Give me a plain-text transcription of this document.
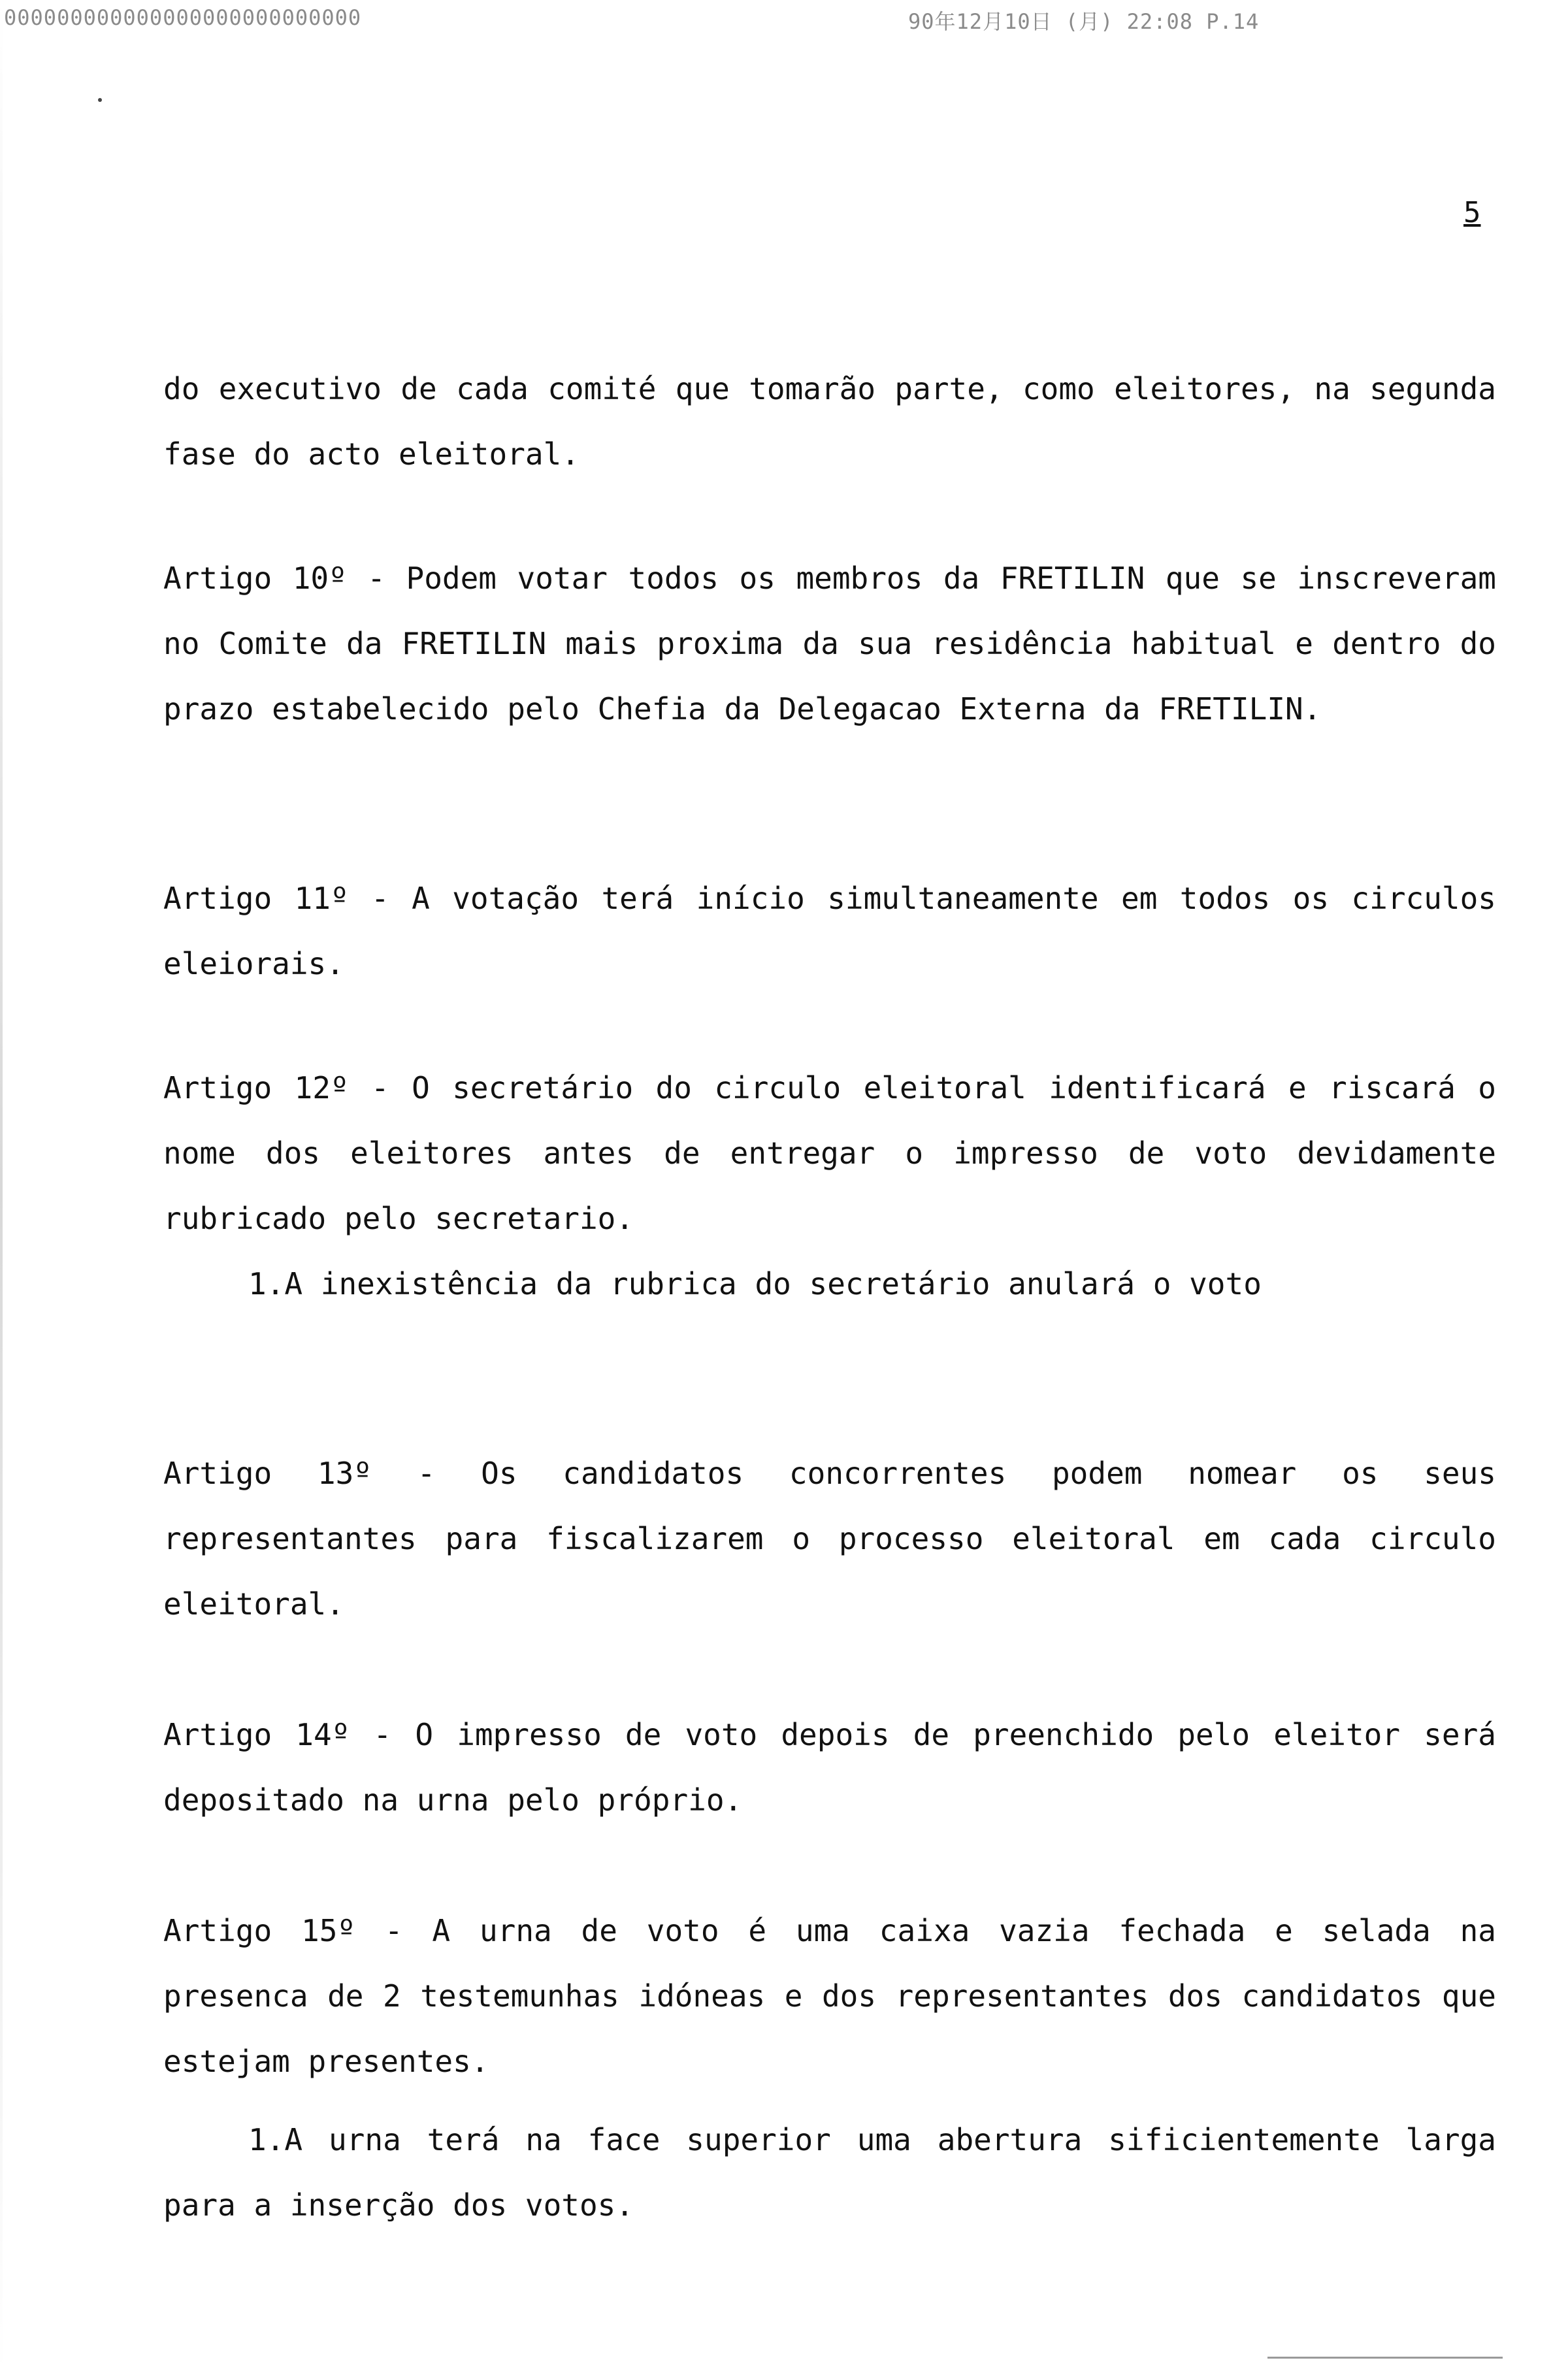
000000000000000000000000000	90年12月10日 (月) 22:08 P.14
5

do executivo de cada comité que tomarão parte, como eleitores, na segunda fase do acto eleitoral.

Artigo 10º - Podem votar todos os membros da FRETILIN que se inscreveram no Comite da FRETILIN mais proxima da sua residência habitual e dentro do prazo estabelecido pelo Chefia da Delegacao Externa da FRETILIN.

Artigo 11º - A votação terá início simultaneamente em todos os circulos eleiorais.

Artigo 12º - O secretário do circulo eleitoral identificará e riscará o nome dos eleitores antes de entregar o impresso de voto devidamente rubricado pelo secretario.

1.A inexistência da rubrica do secretário anulará o voto

Artigo 13º - Os candidatos concorrentes podem nomear os seus representantes para fiscalizarem o processo eleitoral em cada circulo eleitoral.

Artigo 14º - O impresso de voto depois de preenchido pelo eleitor será depositado na urna pelo próprio.

Artigo 15º - A urna de voto é uma caixa vazia fechada e selada na presenca de 2 testemunhas idóneas e dos representantes dos candidatos que estejam presentes.

1.A urna terá na face superior uma abertura sificientemente larga para a inserção dos votos.
